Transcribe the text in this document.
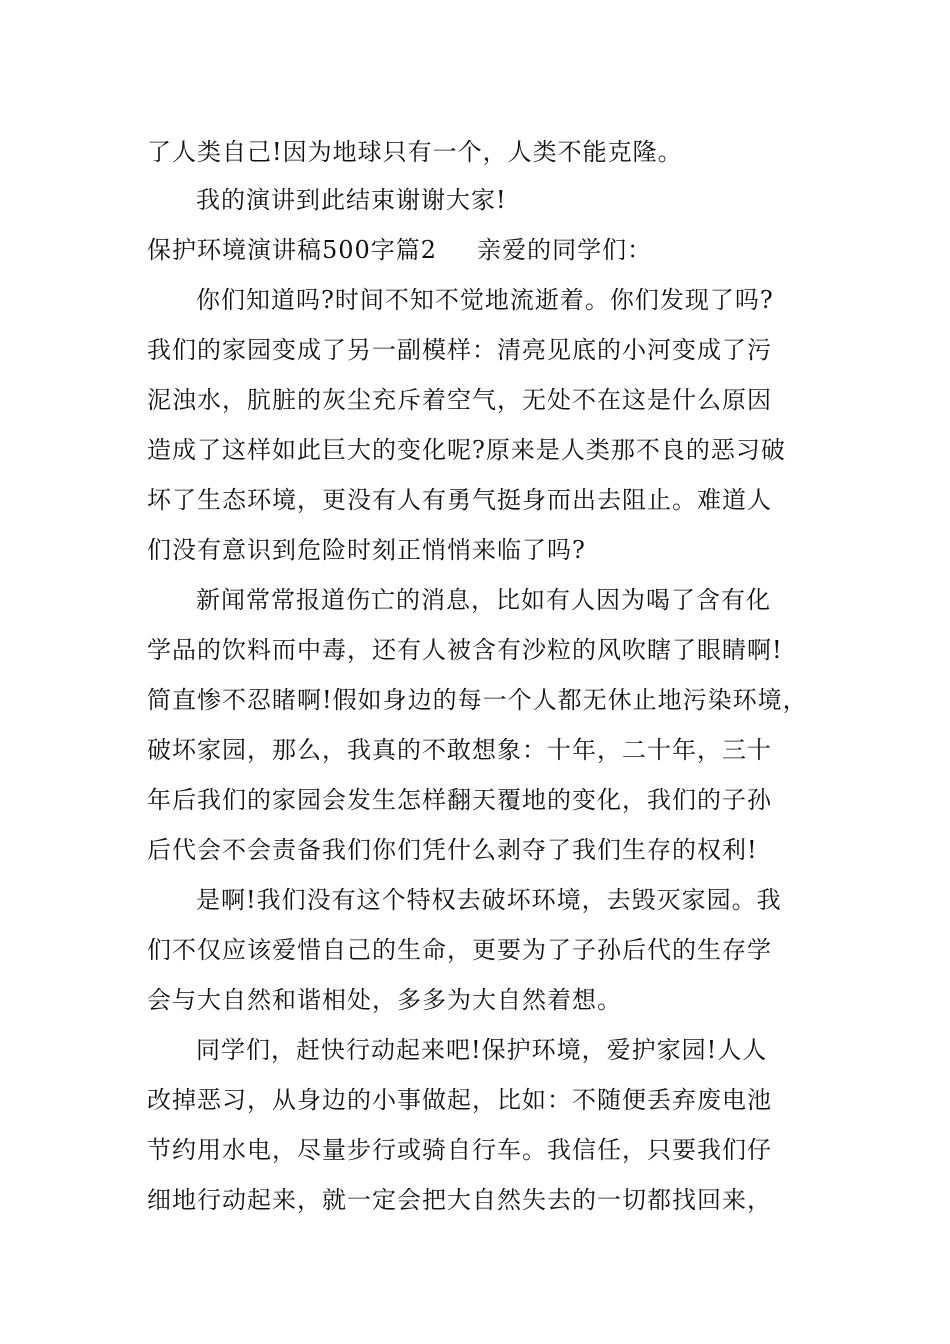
了人类自己!因为地球只有一个，人类不能克隆。
我的演讲到此结束谢谢大家!
保护环境演讲稿500字篇2 亲爱的同学们：
你们知道吗?时间不知不觉地流逝着。你们发现了吗?
我们的家园变成了另一副模样：清亮见底的小河变成了污
泥浊水，肮脏的灰尘充斥着空气，无处不在这是什么原因
造成了这样如此巨大的变化呢?原来是人类那不良的恶习破
坏了生态环境，更没有人有勇气挺身而出去阻止。难道人
们没有意识到危险时刻正悄悄来临了吗?
新闻常常报道伤亡的消息，比如有人因为喝了含有化
学品的饮料而中毒，还有人被含有沙粒的风吹瞎了眼睛啊!
简直惨不忍睹啊!假如身边的每一个人都无休止地污染环境，
破坏家园，那么，我真的不敢想象：十年，二十年，三十
年后我们的家园会发生怎样翻天覆地的变化，我们的子孙
后代会不会责备我们你们凭什么剥夺了我们生存的权利!
是啊!我们没有这个特权去破坏环境，去毁灭家园。我
们不仅应该爱惜自己的生命，更要为了子孙后代的生存学
会与大自然和谐相处，多多为大自然着想。
同学们，赶快行动起来吧!保护环境，爱护家园!人人
改掉恶习，从身边的小事做起，比如：不随便丢弃废电池
节约用水电，尽量步行或骑自行车。我信任，只要我们仔
细地行动起来，就一定会把大自然失去的一切都找回来，
